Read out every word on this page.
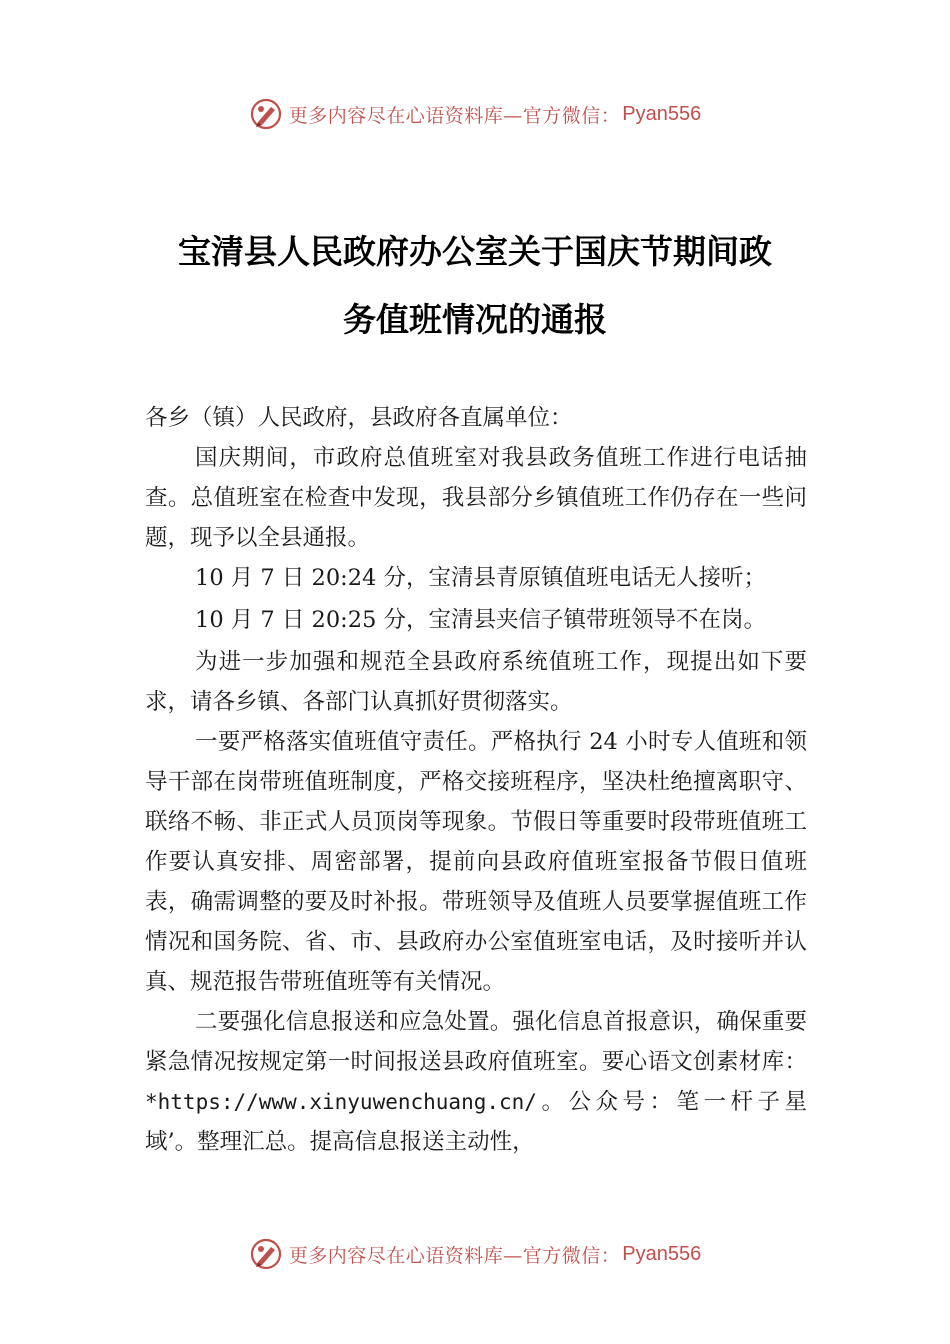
更多内容尽在心语资料库—官方微信： Pyan556
宝清县人民政府办公室关于国庆节期间政
务值班情况的通报

各乡（镇）人民政府，县政府各直属单位：

国庆期间，市政府总值班室对我县政务值班工作进行电话抽查。总值班室在检查中发现，我县部分乡镇值班工作仍存在一些问题，现予以全县通报。

10 月 7 日 20:24 分，宝清县青原镇值班电话无人接听；

10 月 7 日 20:25 分，宝清县夹信子镇带班领导不在岗。

为进一步加强和规范全县政府系统值班工作，现提出如下要求，请各乡镇、各部门认真抓好贯彻落实。

一要严格落实值班值守责任。严格执行 24 小时专人值班和领导干部在岗带班值班制度，严格交接班程序，坚决杜绝擅离职守、联络不畅、非正式人员顶岗等现象。节假日等重要时段带班值班工作要认真安排、周密部署，提前向县政府值班室报备节假日值班表，确需调整的要及时补报。带班领导及值班人员要掌握值班工作情况和国务院、省、市、县政府办公室值班室电话，及时接听并认真、规范报告带班值班等有关情况。

二要强化信息报送和应急处置。强化信息首报意识，确保重要紧急情况按规定第一时间报送县政府值班室。要心语文创素材库：*https://www.xinyuwenchuang.cn/。公众号：笔一杆子星域’。整理汇总。提高信息报送主动性，

更多内容尽在心语资料库—官方微信： Pyan556
